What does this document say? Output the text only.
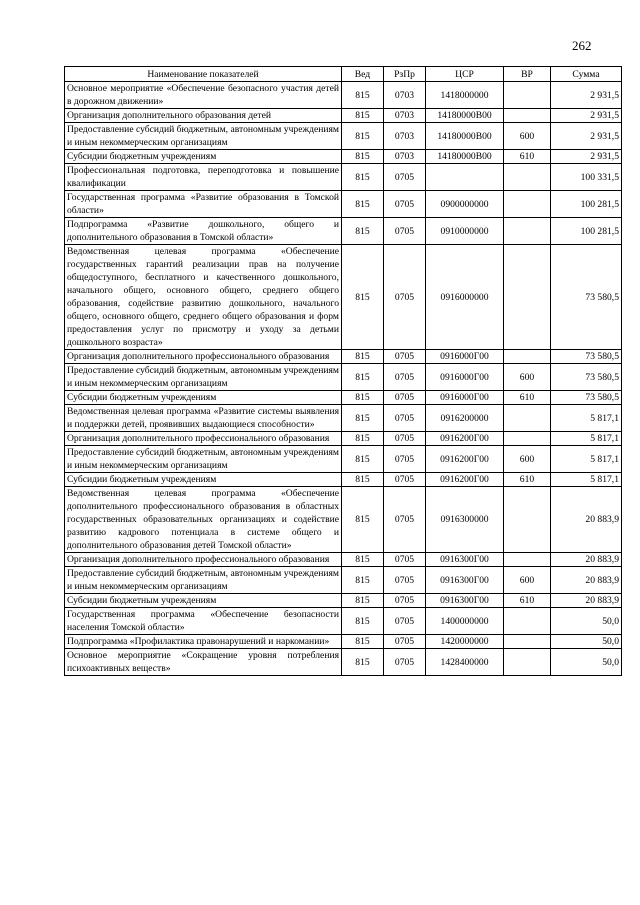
262
Наименование показателей	Вед	РзПр	ЦСР	ВР	Сумма
Основное мероприятие «Обеспечение безопасного участия детей в дорожном движении»	815	0703	1418000000		2 931,5
Организация дополнительного образования детей	815	0703	14180000В00		2 931,5
Предоставление субсидий бюджетным, автономным учреждениям и иным некоммерческим организациям	815	0703	14180000В00	600	2 931,5
Субсидии бюджетным учреждениям	815	0703	14180000В00	610	2 931,5
Профессиональная подготовка, переподготовка и повышение квалификации	815	0705			100 331,5
Государственная программа «Развитие образования в Томской области»	815	0705	0900000000		100 281,5
Подпрограмма «Развитие дошкольного, общего и дополнительного образования в Томской области»	815	0705	0910000000		100 281,5
Ведомственная целевая программа «Обеспечение государственных гарантий реализации прав на получение общедоступного, бесплатного и качественного дошкольного, начального общего, основного общего, среднего общего образования, содействие развитию дошкольного, начального общего, основного общего, среднего общего образования и форм предоставления услуг по присмотру и уходу за детьми дошкольного возраста»	815	0705	0916000000		73 580,5
Организация дополнительного профессионального образования	815	0705	0916000Г00		73 580,5
Предоставление субсидий бюджетным, автономным учреждениям и иным некоммерческим организациям	815	0705	0916000Г00	600	73 580,5
Субсидии бюджетным учреждениям	815	0705	0916000Г00	610	73 580,5
Ведомственная целевая программа «Развитие системы выявления и поддержки детей, проявивших выдающиеся способности»	815	0705	0916200000		5 817,1
Организация дополнительного профессионального образования	815	0705	0916200Г00		5 817,1
Предоставление субсидий бюджетным, автономным учреждениям и иным некоммерческим организациям	815	0705	0916200Г00	600	5 817,1
Субсидии бюджетным учреждениям	815	0705	0916200Г00	610	5 817,1
Ведомственная целевая программа «Обеспечение дополнительного профессионального образования в областных государственных образовательных организациях и содействие развитию кадрового потенциала в системе общего и дополнительного образования детей Томской области»	815	0705	0916300000		20 883,9
Организация дополнительного профессионального образования	815	0705	0916300Г00		20 883,9
Предоставление субсидий бюджетным, автономным учреждениям и иным некоммерческим организациям	815	0705	0916300Г00	600	20 883,9
Субсидии бюджетным учреждениям	815	0705	0916300Г00	610	20 883,9
Государственная программа «Обеспечение безопасности населения Томской области»	815	0705	1400000000		50,0
Подпрограмма «Профилактика правонарушений и наркомании»	815	0705	1420000000		50,0
Основное мероприятие «Сокращение уровня потребления психоактивных веществ»	815	0705	1428400000		50,0
